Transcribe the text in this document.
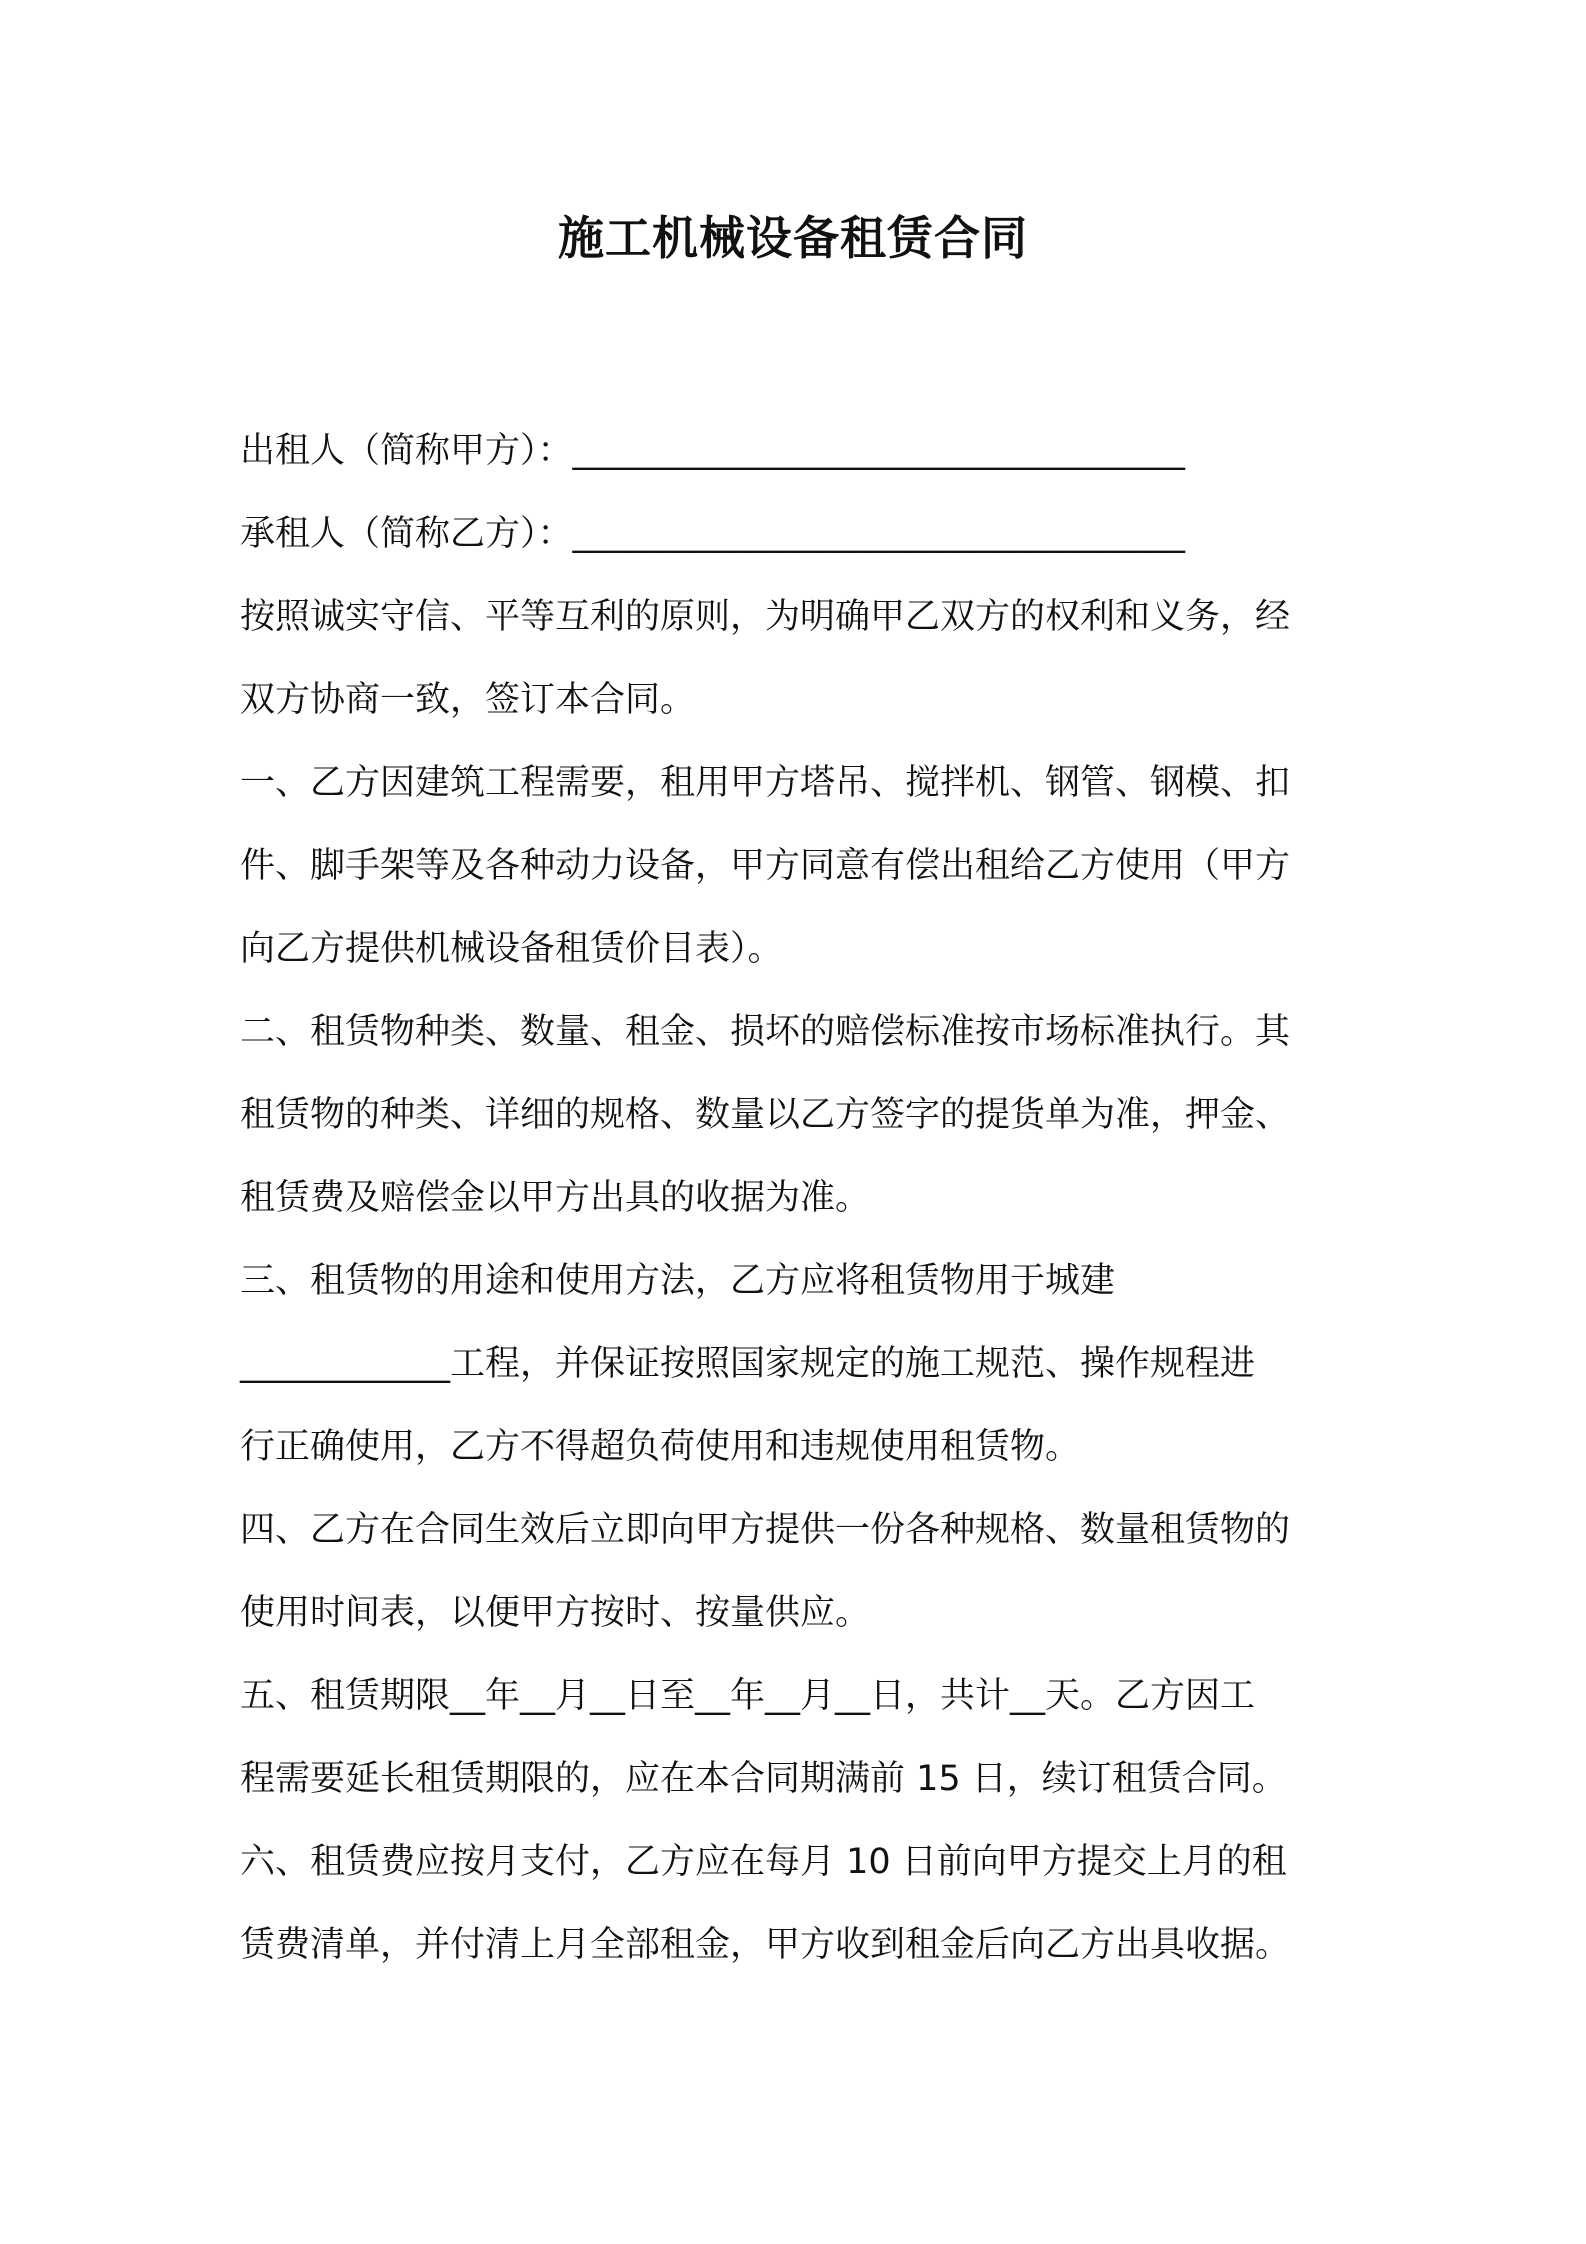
施工机械设备租赁合同
出租人（简称甲方）：___________________________________
承租人（简称乙方）：___________________________________
按照诚实守信、平等互利的原则，为明确甲乙双方的权利和义务，经
双方协商一致，签订本合同。
一、乙方因建筑工程需要，租用甲方塔吊、搅拌机、钢管、钢模、扣
件、脚手架等及各种动力设备，甲方同意有偿出租给乙方使用（甲方
向乙方提供机械设备租赁价目表）。
二、租赁物种类、数量、租金、损坏的赔偿标准按市场标准执行。其
租赁物的种类、详细的规格、数量以乙方签字的提货单为准，押金、
租赁费及赔偿金以甲方出具的收据为准。
三、租赁物的用途和使用方法，乙方应将租赁物用于城建
____________工程，并保证按照国家规定的施工规范、操作规程进
行正确使用，乙方不得超负荷使用和违规使用租赁物。
四、乙方在合同生效后立即向甲方提供一份各种规格、数量租赁物的
使用时间表，以便甲方按时、按量供应。
五、租赁期限__年__月__日至__年__月__日，共计__天。乙方因工
程需要延长租赁期限的，应在本合同期满前 15 日，续订租赁合同。
六、租赁费应按月支付，乙方应在每月 10 日前向甲方提交上月的租
赁费清单，并付清上月全部租金，甲方收到租金后向乙方出具收据。
